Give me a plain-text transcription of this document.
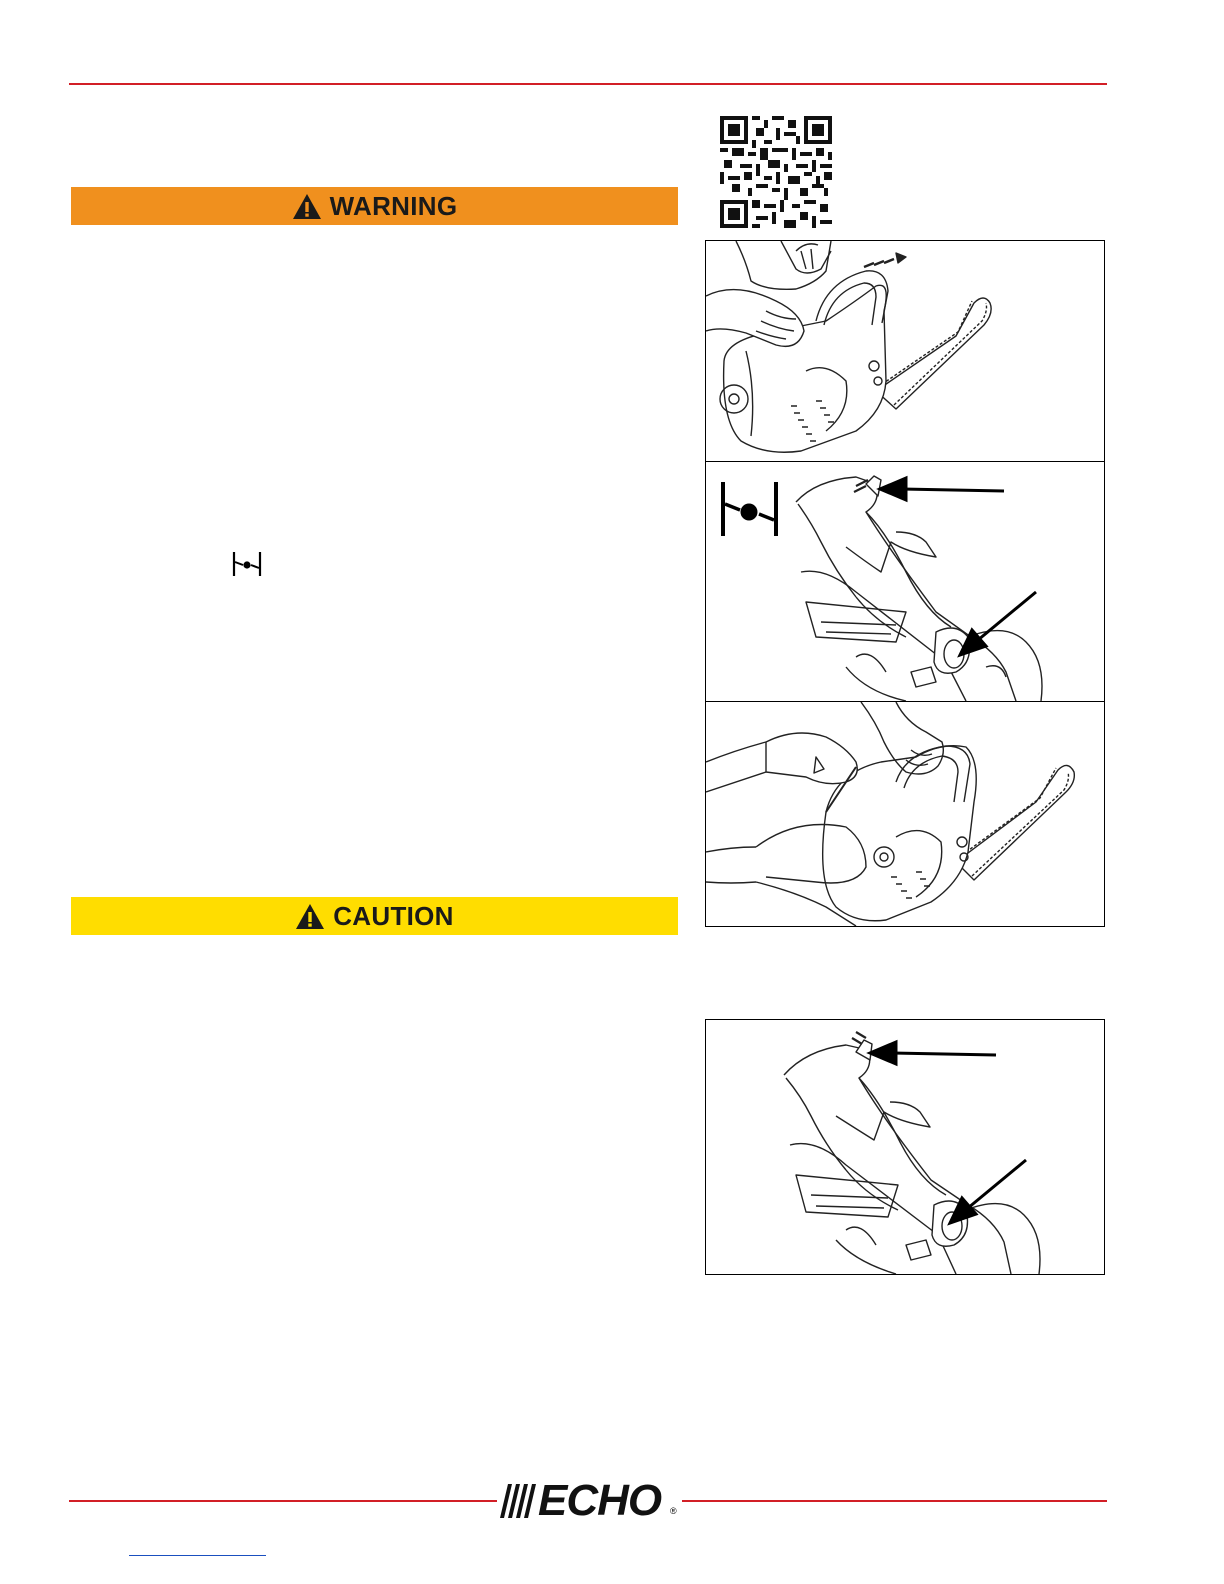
WARNING
CAUTION
ECHO ®
